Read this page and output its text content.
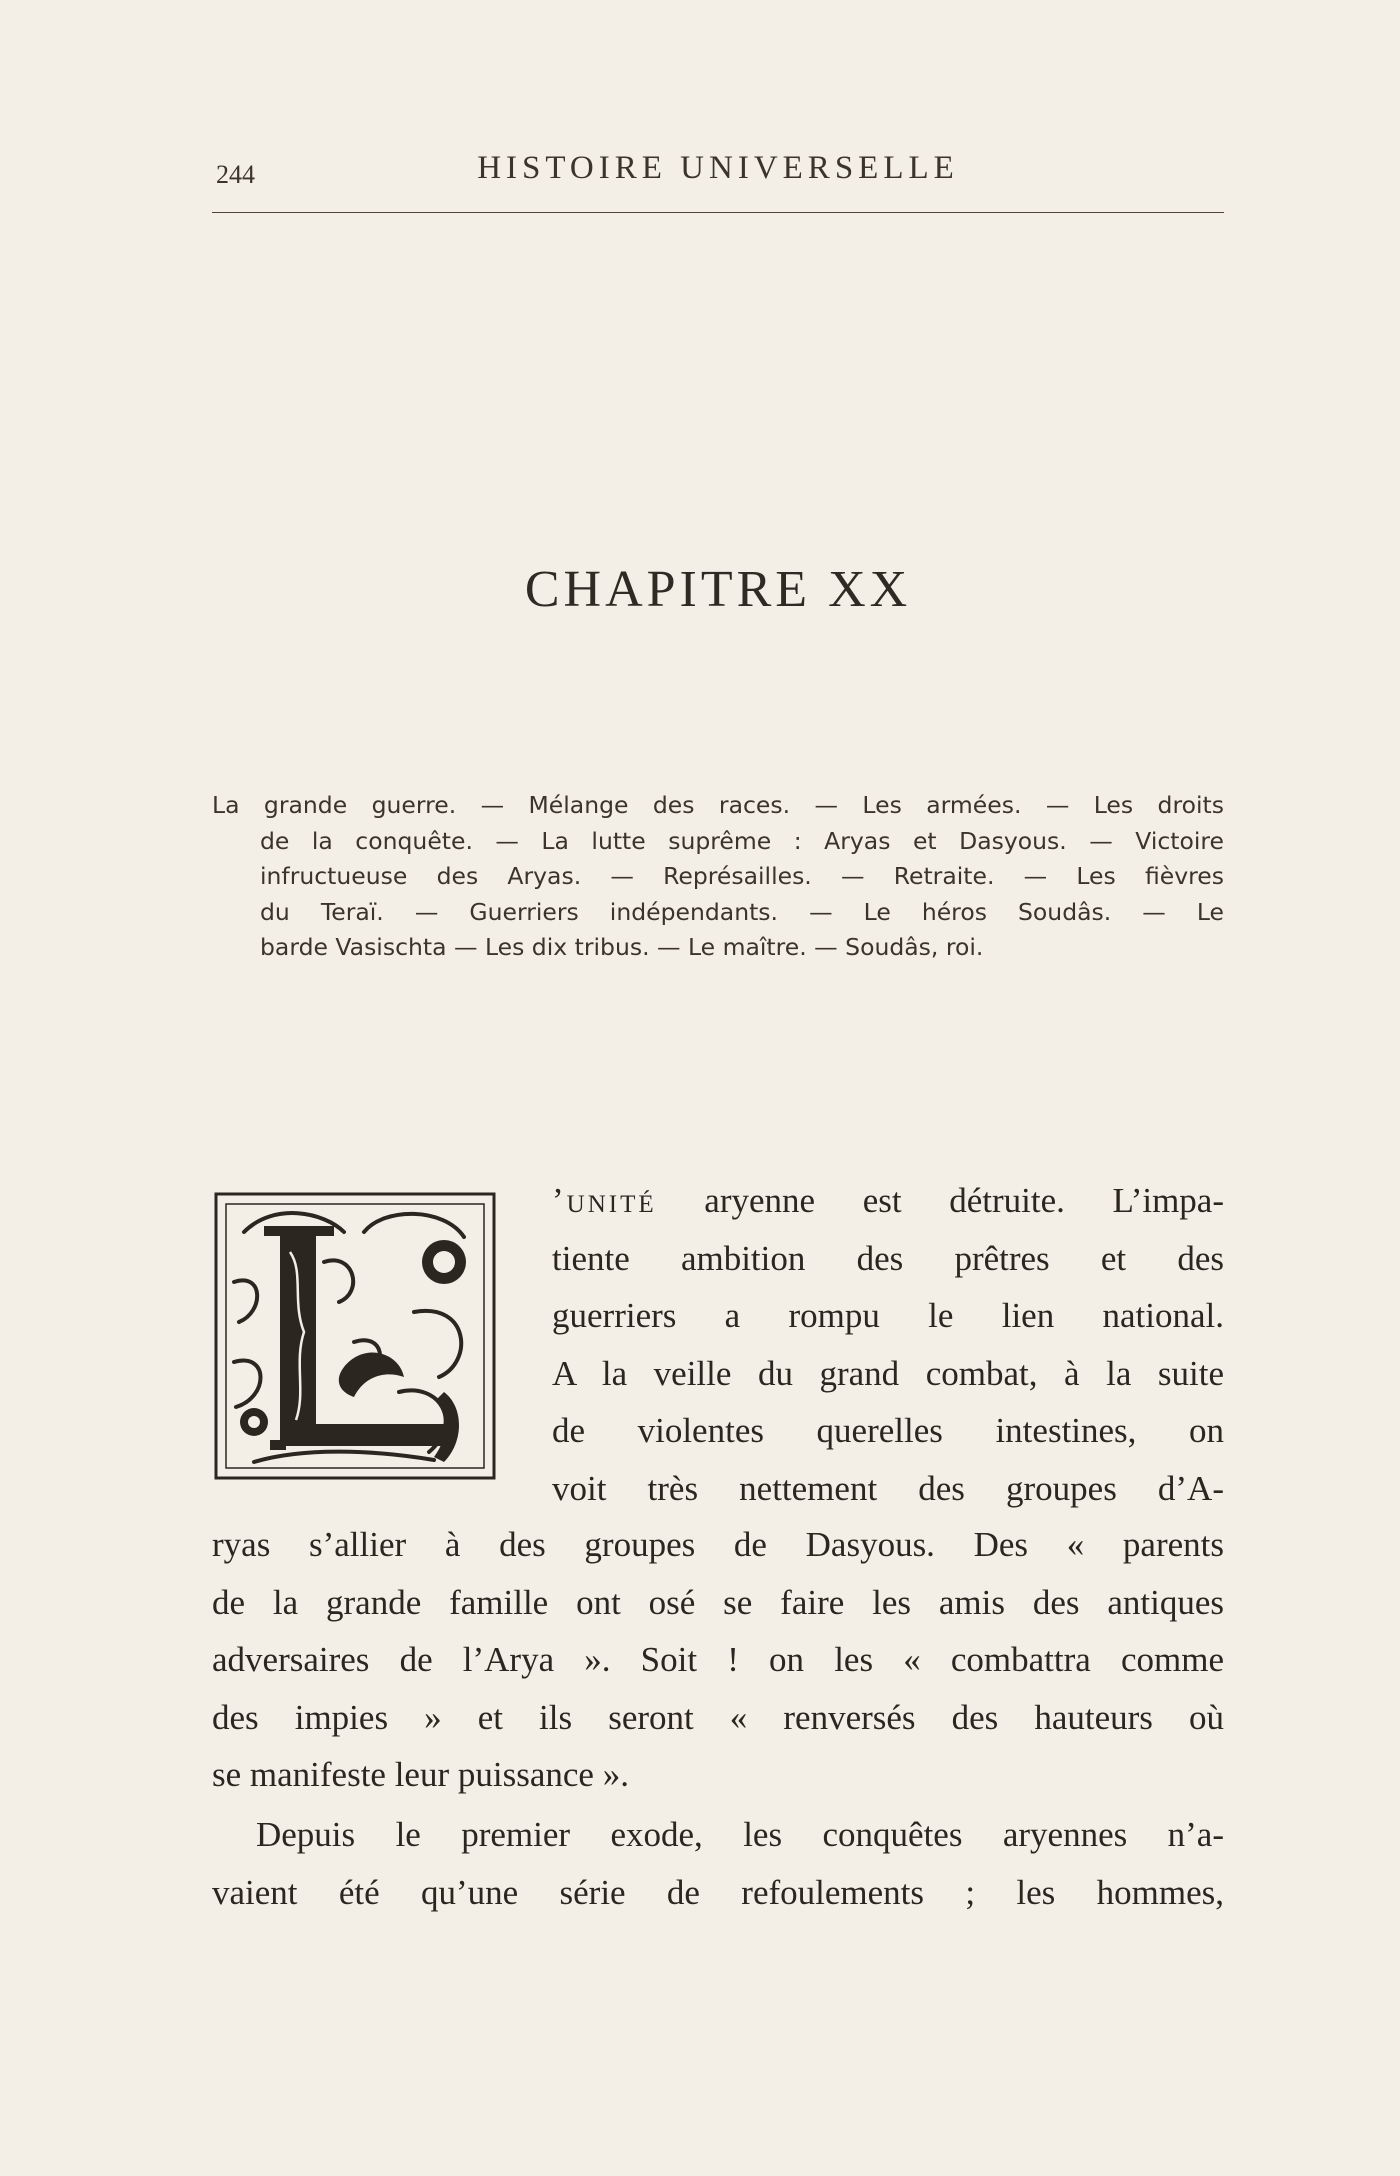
244	HISTOIRE UNIVERSELLE
CHAPITRE XX
La grande guerre. — Mélange des races. — Les armées. — Les droits
de la conquête. — La lutte suprême : Aryas et Dasyous. — Victoire
infructueuse des Aryas. — Représailles. — Retraite. — Les fièvres
du Teraï. — Guerriers indépendants. — Le héros Soudâs. — Le
barde Vasischta — Les dix tribus. — Le maître. — Soudâs, roi.
’unité aryenne est détruite. L’impa-
tiente ambition des prêtres et des
guerriers a rompu le lien national.
A la veille du grand combat, à la suite
de violentes querelles intestines, on
voit très nettement des groupes d’A-
ryas s’allier à des groupes de Dasyous. Des « parents
de la grande famille ont osé se faire les amis des antiques
adversaires de l’Arya ». Soit ! on les « combattra comme
des impies » et ils seront « renversés des hauteurs où
se manifeste leur puissance ».
Depuis le premier exode, les conquêtes aryennes n’a-
vaient été qu’une série de refoulements ; les hommes,
